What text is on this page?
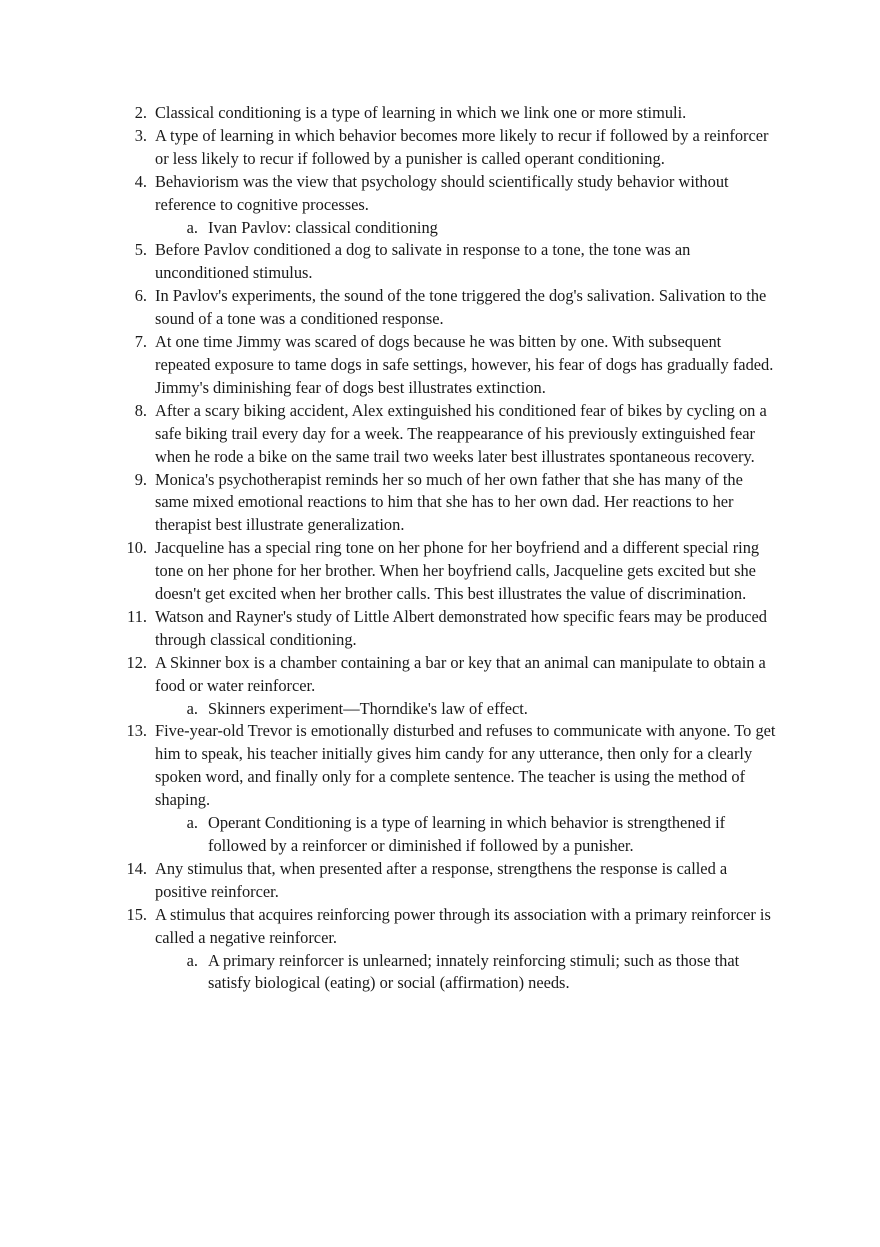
2. Classical conditioning is a type of learning in which we link one or more stimuli.
3. A type of learning in which behavior becomes more likely to recur if followed by a reinforcer or less likely to recur if followed by a punisher is called operant conditioning.
4. Behaviorism was the view that psychology should scientifically study behavior without reference to cognitive processes.
a. Ivan Pavlov: classical conditioning
5. Before Pavlov conditioned a dog to salivate in response to a tone, the tone was an unconditioned stimulus.
6. In Pavlov's experiments, the sound of the tone triggered the dog's salivation. Salivation to the sound of a tone was a conditioned response.
7. At one time Jimmy was scared of dogs because he was bitten by one. With subsequent repeated exposure to tame dogs in safe settings, however, his fear of dogs has gradually faded. Jimmy's diminishing fear of dogs best illustrates extinction.
8. After a scary biking accident, Alex extinguished his conditioned fear of bikes by cycling on a safe biking trail every day for a week. The reappearance of his previously extinguished fear when he rode a bike on the same trail two weeks later best illustrates spontaneous recovery.
9. Monica's psychotherapist reminds her so much of her own father that she has many of the same mixed emotional reactions to him that she has to her own dad. Her reactions to her therapist best illustrate generalization.
10. Jacqueline has a special ring tone on her phone for her boyfriend and a different special ring tone on her phone for her brother. When her boyfriend calls, Jacqueline gets excited but she doesn't get excited when her brother calls. This best illustrates the value of discrimination.
11. Watson and Rayner's study of Little Albert demonstrated how specific fears may be produced through classical conditioning.
12. A Skinner box is a chamber containing a bar or key that an animal can manipulate to obtain a food or water reinforcer.
a. Skinners experiment—Thorndike's law of effect.
13. Five-year-old Trevor is emotionally disturbed and refuses to communicate with anyone. To get him to speak, his teacher initially gives him candy for any utterance, then only for a clearly spoken word, and finally only for a complete sentence. The teacher is using the method of shaping.
a. Operant Conditioning is a type of learning in which behavior is strengthened if followed by a reinforcer or diminished if followed by a punisher.
14. Any stimulus that, when presented after a response, strengthens the response is called a positive reinforcer.
15. A stimulus that acquires reinforcing power through its association with a primary reinforcer is called a negative reinforcer.
a. A primary reinforcer is unlearned; innately reinforcing stimuli; such as those that satisfy biological (eating) or social (affirmation) needs.
